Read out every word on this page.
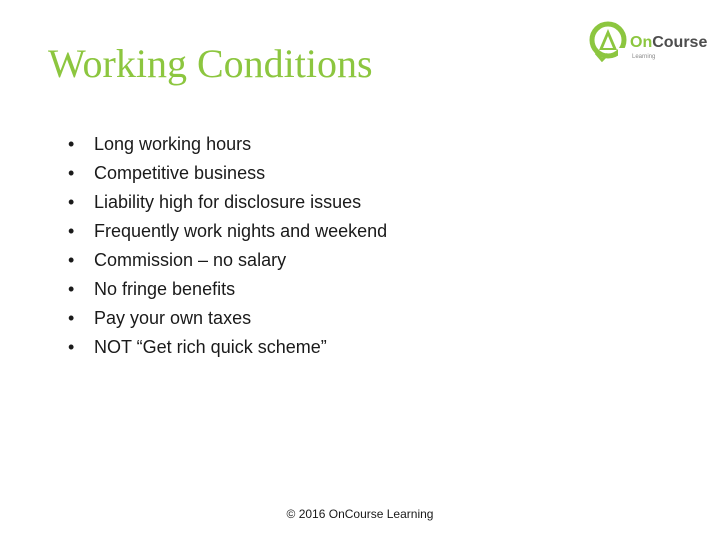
Working Conditions	OnCourse
Learning
• Long working hours
• Competitive business
• Liability high for disclosure issues
• Frequently work nights and weekend
• Commission – no salary
• No fringe benefits
• Pay your own taxes
• NOT “Get rich quick scheme”
© 2016 OnCourse Learning
